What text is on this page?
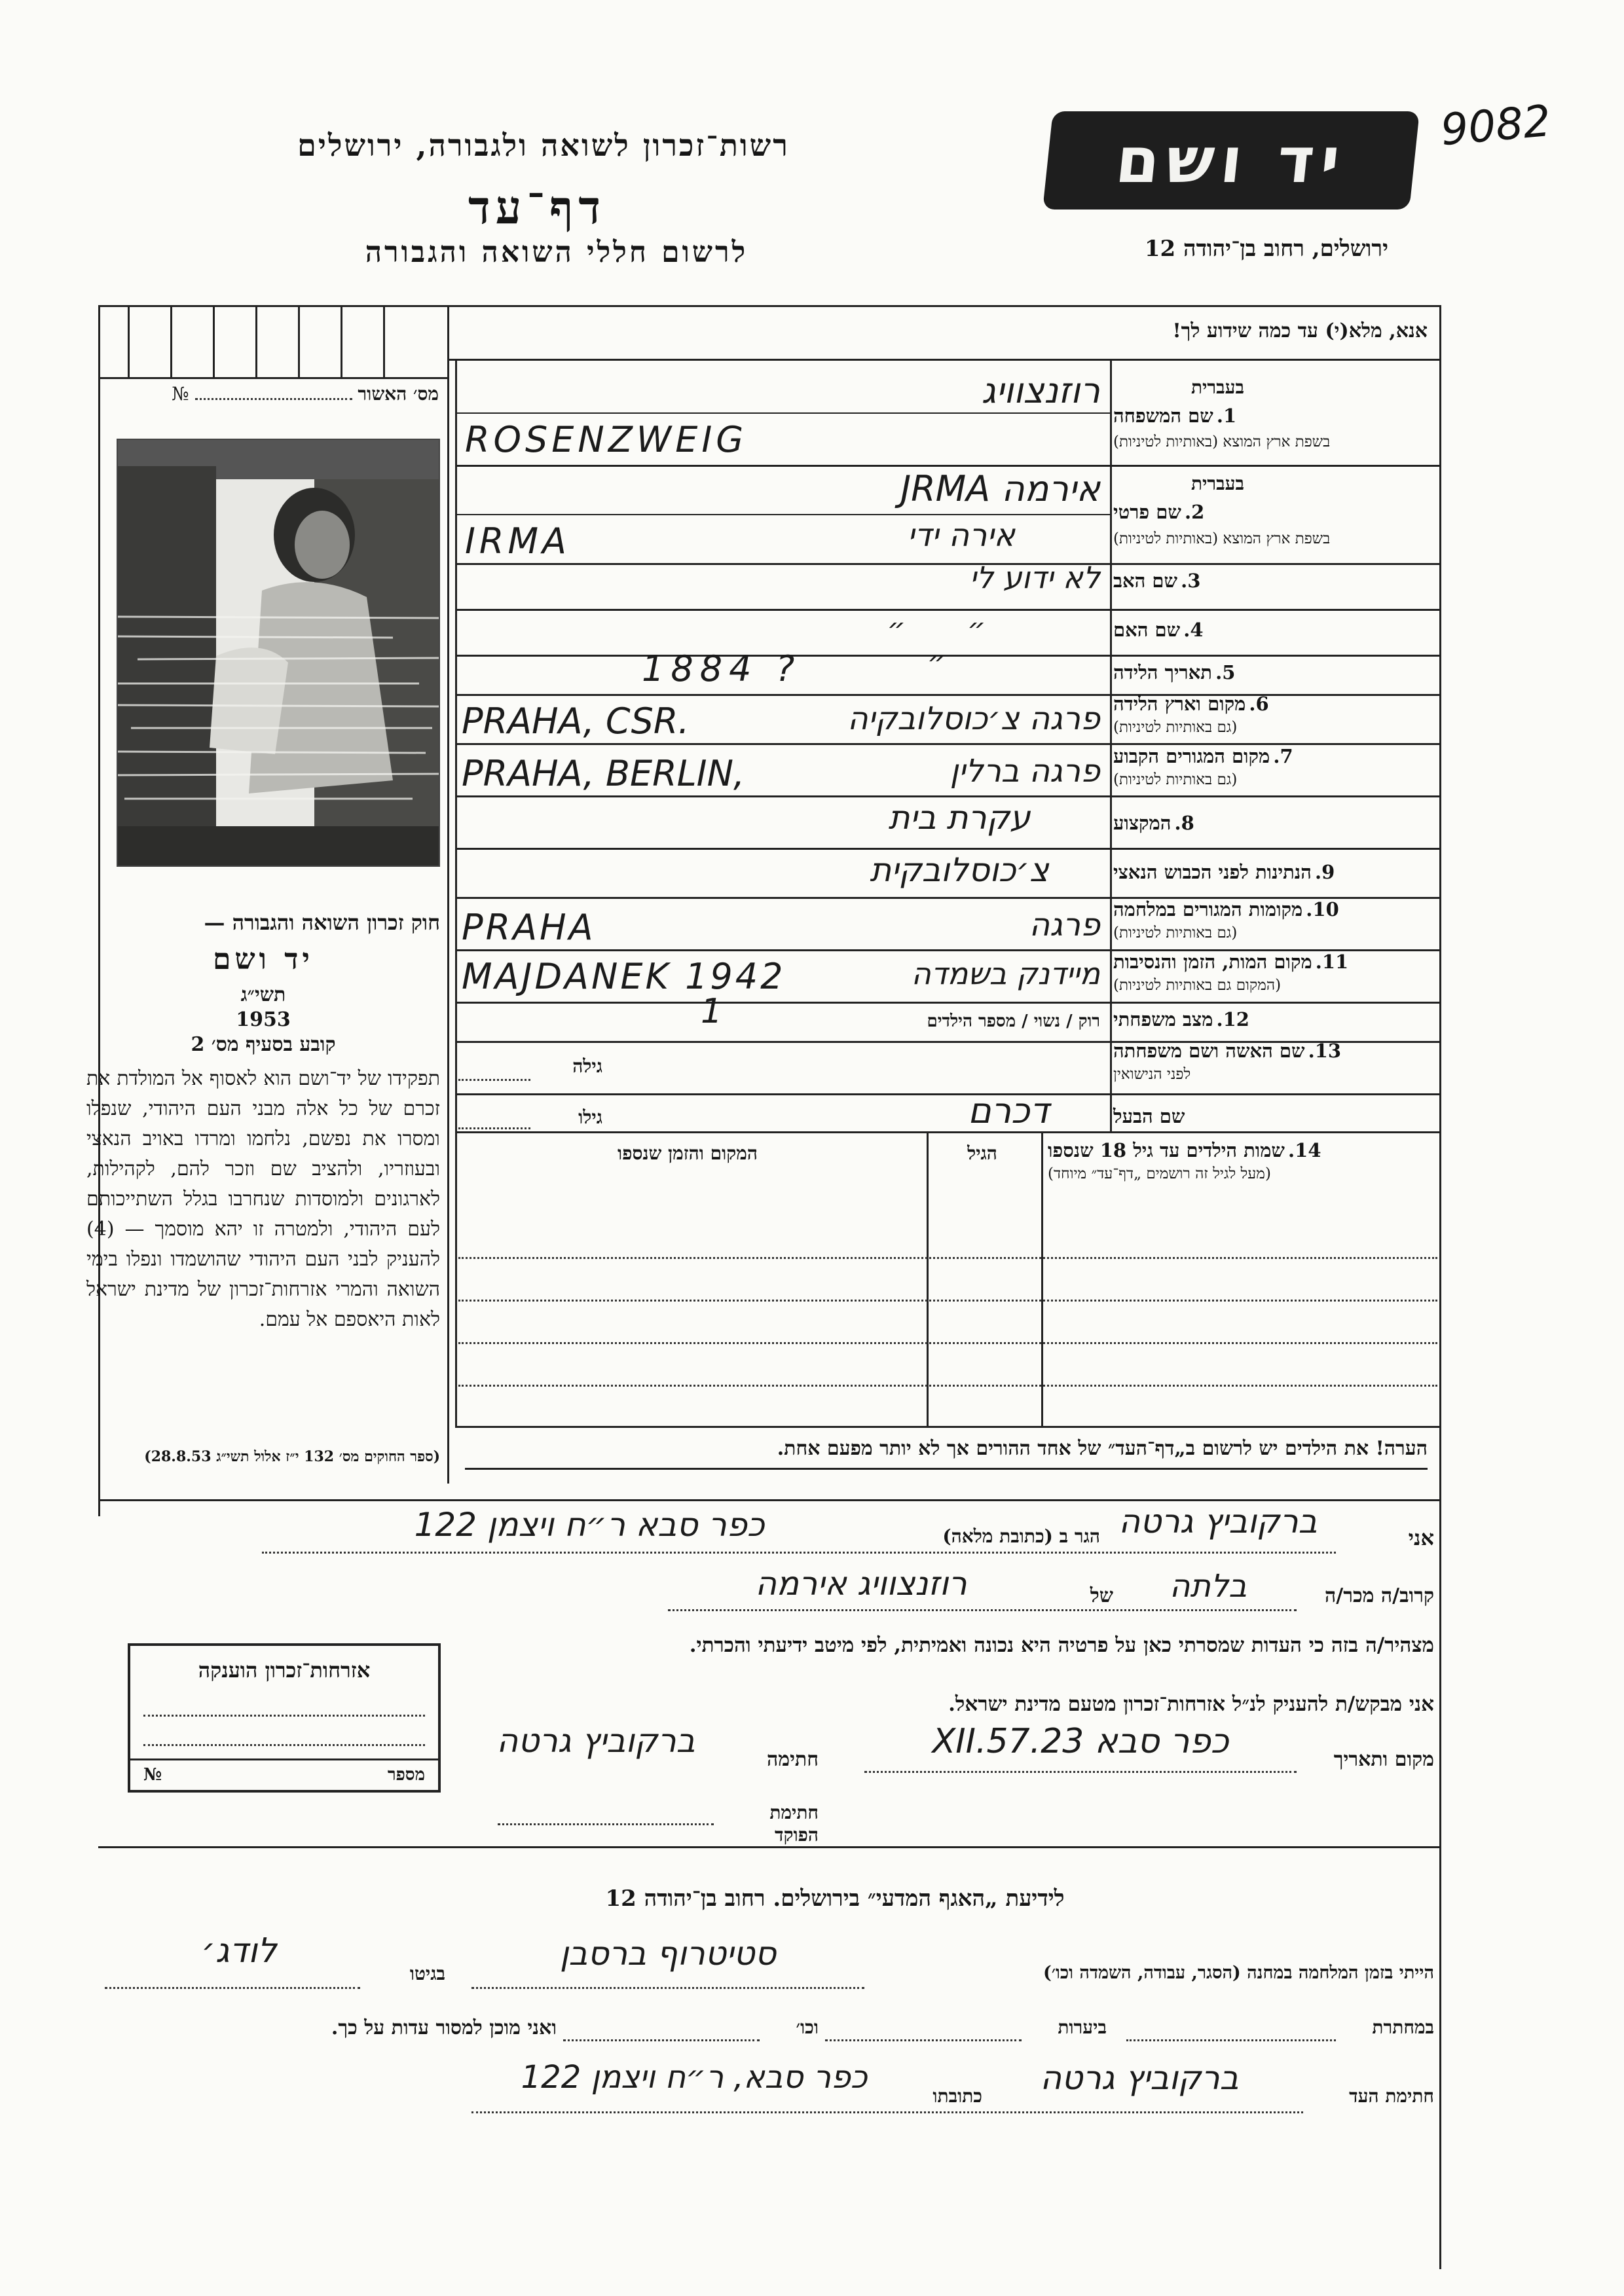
9082
יד ושם
רשות־זכרון לשואה ולגבורה, ירושלים
דף־עד
לרשום חללי השואה והגבורה	ירושלים, רחוב בן־יהודה 12
אנא, מלא(י) עד כמה שידוע לך!
מס׳ האשור  №	בעברית
1. שם המשפחה
בשפת ארץ המוצא (באותיות לטיניות)
רוזנצוויג
ROSENZWEIG
בעברית
2. שם פרטי
בשפת ארץ המוצא (באותיות לטיניות)
אירמה JRMA
IRMA	אירה ידי
3. שם האב
לא ידוע לי
4. שם האם
״ ״ ״	5. תאריך הלידה
1884 ?
6. מקום וארץ הלידה
(גם באותיות לטיניות)
PRAHA, CSR.	פרגה צ׳כוסלובקיה
7. מקום המגורים הקבוע
(גם באותיות לטיניות)
PRAHA, BERLIN,	פרגה ברלין
8. המקצוע
עקרת בית
9. הנתינות לפני הכבוש הנאצי
צ׳כוסלובקית
10. מקומות המגורים במלחמה
(גם באותיות לטיניות)
PRAHA	פרגה
11. מקום המות, הזמן והנסיבות
(המקום גם באותיות לטיניות)
MAJDANEK 1942	מיידנק בשמדה
12. מצב משפחתי
רוק / נשוי / מספר הילדים
1
13. שם האשה ושם משפחתה
לפני הנישואין
גילה
שם הבעל
דכרם
גילו
14. שמות הילדים עד גיל 18 שנספו
(מעל לגיל זה רושמים „דף־עד״ מיוחד)
הגיל
המקום והזמן שנספו
הערה! את הילדים יש לרשום ב„דף־העד״ של אחד ההורים אך לא יותר מפעם אחת.
חוק זכרון השואה והגבורה —
יד ושם
תשי״ג
1953
קובע בסעיף מס׳ 2
תפקידו של יד־ושם הוא לאסוף אל המולדת את זכרם של כל אלה מבני העם היהודי, שנפלו ומסרו את נפשם, נלחמו ומרדו באויב הנאצי ובעוזריו, ולהציב שם וזכר להם, לקהילות, לארגונים ולמוסדות שנחרבו בגלל השתייכותם לעם היהודי, ולמטרה זו יהא מוסמך — (4) להעניק לבני העם היהודי שהושמדו ונפלו בימי השואה והמרי אזרחות־זכרון של מדינת ישראל לאות היאספם אל עמם.
(ספר החוקים מס׳ 132 י״ז אלול תשי״ג 28.8.53)
אני
ברקוביץ גרטה
הגר ב (כתובת מלאה)
כפר סבא ר״ח ויצמן 122
קרוב/ה מכר/ה
בלתה
של
רוזנצוויג אירמה
מצהיר/ה בזה כי העדות שמסרתי כאן על פרטיה היא נכונה ואמיתית, לפי מיטב ידיעתי והכרתי.
אני מבקש/ת להעניק לנ״ל אזרחות־זכרון מטעם מדינת ישראל.
מקום ותאריך
כפר סבא 23.XII.57
חתימה
ברקוביץ גרטה
חתימת הפוקד
אזרחות־זכרון הוענקה
מספר
№
לידיעת „האגף המדעי״ בירושלים. רחוב בן־יהודה 12
הייתי בזמן המלחמה במחנה (הסגר, עבודה, השמדה וכו׳)
סטיטרוף ברסבן
בגיטו
לודג׳
במחתרת
ביערות
וכו׳
ואני מוכן למסור עדות על כך.
חתימת העד
ברקוביץ גרטה
כתובתו
כפר סבא, ר״ח ויצמן 122
